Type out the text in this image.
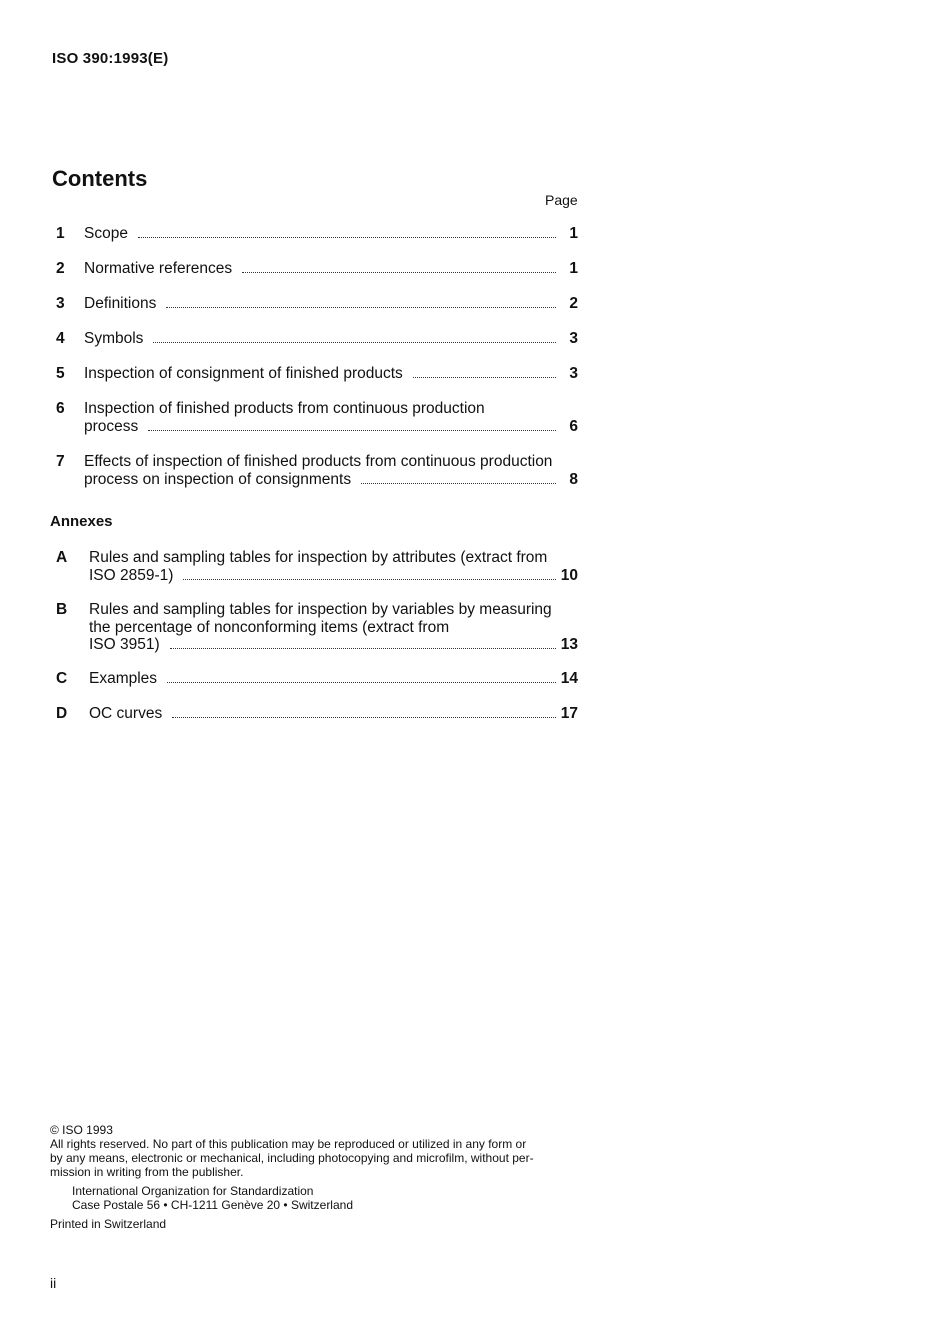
ISO 390:1993(E)
Contents
Page
1 Scope	1
2 Normative references	1
3 Definitions	2
4 Symbols	3
5 Inspection of consignment of finished products	3
6 Inspection of finished products from continuous production
process	6
7 Effects of inspection of finished products from continuous production
process on inspection of consignments	8
A Rules and sampling tables for inspection by attributes (extract from
ISO 2859-1)	10
B Rules and sampling tables for inspection by variables by measuring
the percentage of nonconforming items (extract from
ISO 3951)	13
C Examples	14
D OC curves	17
Annexes
© ISO 1993
All rights reserved. No part of this publication may be reproduced or utilized in any form or
by any means, electronic or mechanical, including photocopying and microfilm, without per-
mission in writing from the publisher.
International Organization for Standardization
Case Postale 56 • CH-1211 Genève 20 • Switzerland
Printed in Switzerland
ii
